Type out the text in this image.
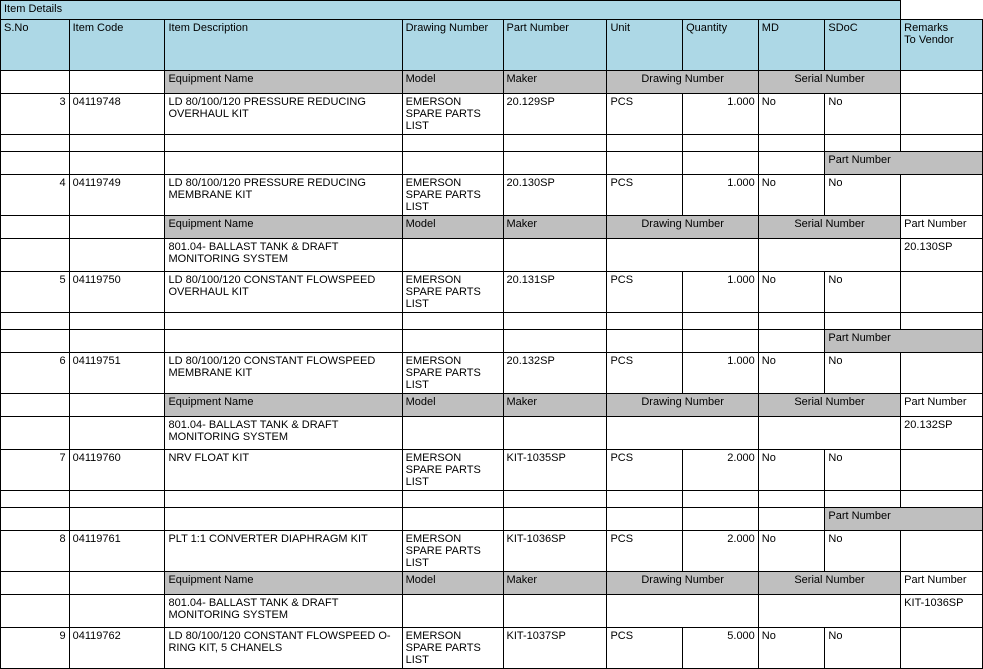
Item Details									
S.No	Item Code	Item Description	Drawing Number	Part Number	Unit	Quantity	MD	SDoC	Remarks
To Vendor
		Equipment Name	Model	Maker	Drawing Number		Serial Number		
3	04119748	LD 80/100/120 PRESSURE REDUCING OVERHAUL KIT	EMERSON SPARE PARTS LIST	20.129SP	PCS	1.000	No	No	

								Part Number	
4	04119749	LD 80/100/120 PRESSURE REDUCING MEMBRANE KIT	EMERSON SPARE PARTS LIST	20.130SP	PCS	1.000	No	No	
		Equipment Name	Model	Maker	Drawing Number		Serial Number		Part Number
		801.04- BALLAST TANK & DRAFT MONITORING SYSTEM							20.130SP
5	04119750	LD 80/100/120 CONSTANT FLOWSPEED OVERHAUL KIT	EMERSON SPARE PARTS LIST	20.131SP	PCS	1.000	No	No	

								Part Number	
6	04119751	LD 80/100/120 CONSTANT FLOWSPEED MEMBRANE KIT	EMERSON SPARE PARTS LIST	20.132SP	PCS	1.000	No	No	
		Equipment Name	Model	Maker	Drawing Number		Serial Number		Part Number
		801.04- BALLAST TANK & DRAFT MONITORING SYSTEM							20.132SP
7	04119760	NRV FLOAT KIT	EMERSON SPARE PARTS LIST	KIT-1035SP	PCS	2.000	No	No	

								Part Number	
8	04119761	PLT 1:1 CONVERTER DIAPHRAGM KIT	EMERSON SPARE PARTS LIST	KIT-1036SP	PCS	2.000	No	No	
		Equipment Name	Model	Maker	Drawing Number		Serial Number		Part Number
		801.04- BALLAST TANK & DRAFT MONITORING SYSTEM							KIT-1036SP
9	04119762	LD 80/100/120 CONSTANT FLOWSPEED O-RING KIT, 5 CHANELS	EMERSON SPARE PARTS LIST	KIT-1037SP	PCS	5.000	No	No	
